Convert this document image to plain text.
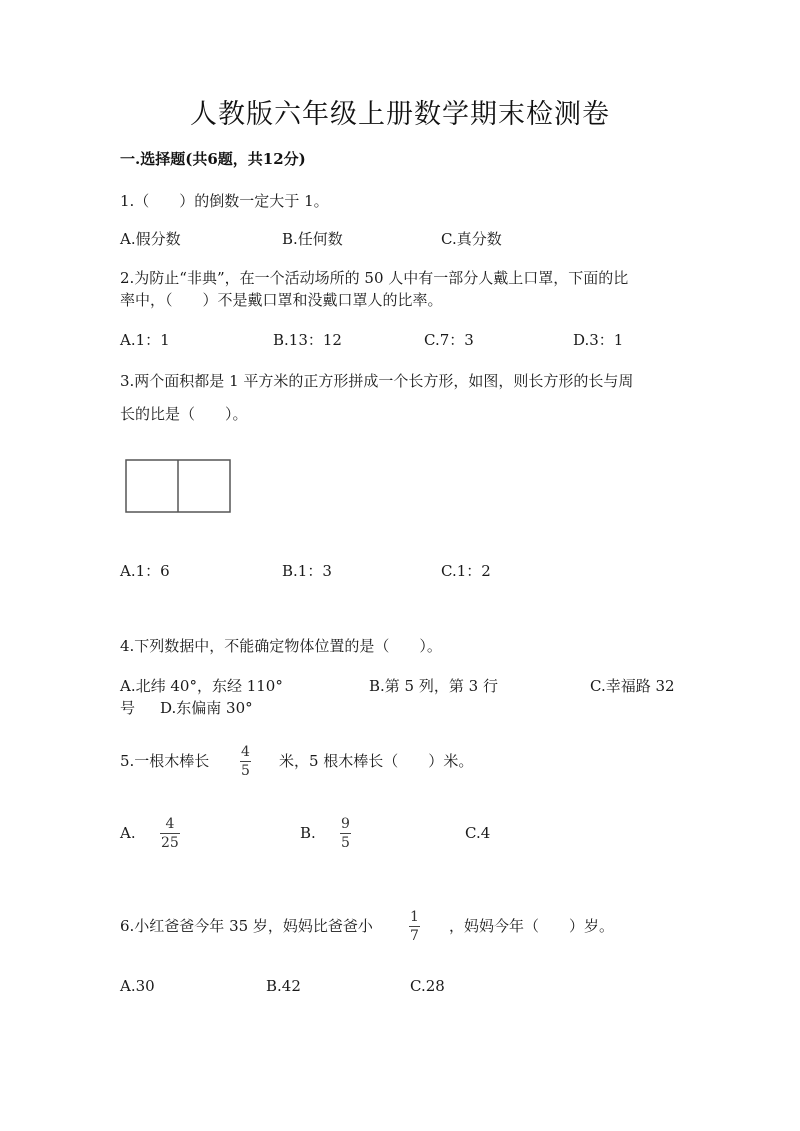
人教版六年级上册数学期末检测卷
一.选择题(共6题，共12分)
1.（　　）的倒数一定大于 1。
A.假分数	B.任何数	C.真分数
2.为防止“非典”，在一个活动场所的 50 人中有一部分人戴上口罩，下面的比
率中，（　　）不是戴口罩和没戴口罩人的比率。
A.1：1	B.13：12	C.7：3	D.3：1
3.两个面积都是 1 平方米的正方形拼成一个长方形，如图，则长方形的长与周
长的比是（　　）。
A.1：6	B.1：3	C.1：2
4.下列数据中，不能确定物体位置的是（　　）。
A.北纬 40°，东经 110°	B.第 5 列，第 3 行	C.幸福路 32
号 D.东偏南 30°
5.一根木棒长 4
5
米，5 根木棒长（　　）米。
A. 4
25
B. 9
5
C.4
6.小红爸爸今年 35 岁，妈妈比爸爸小	1
7
，妈妈今年（　　）岁。
A.30	B.42	C.28
